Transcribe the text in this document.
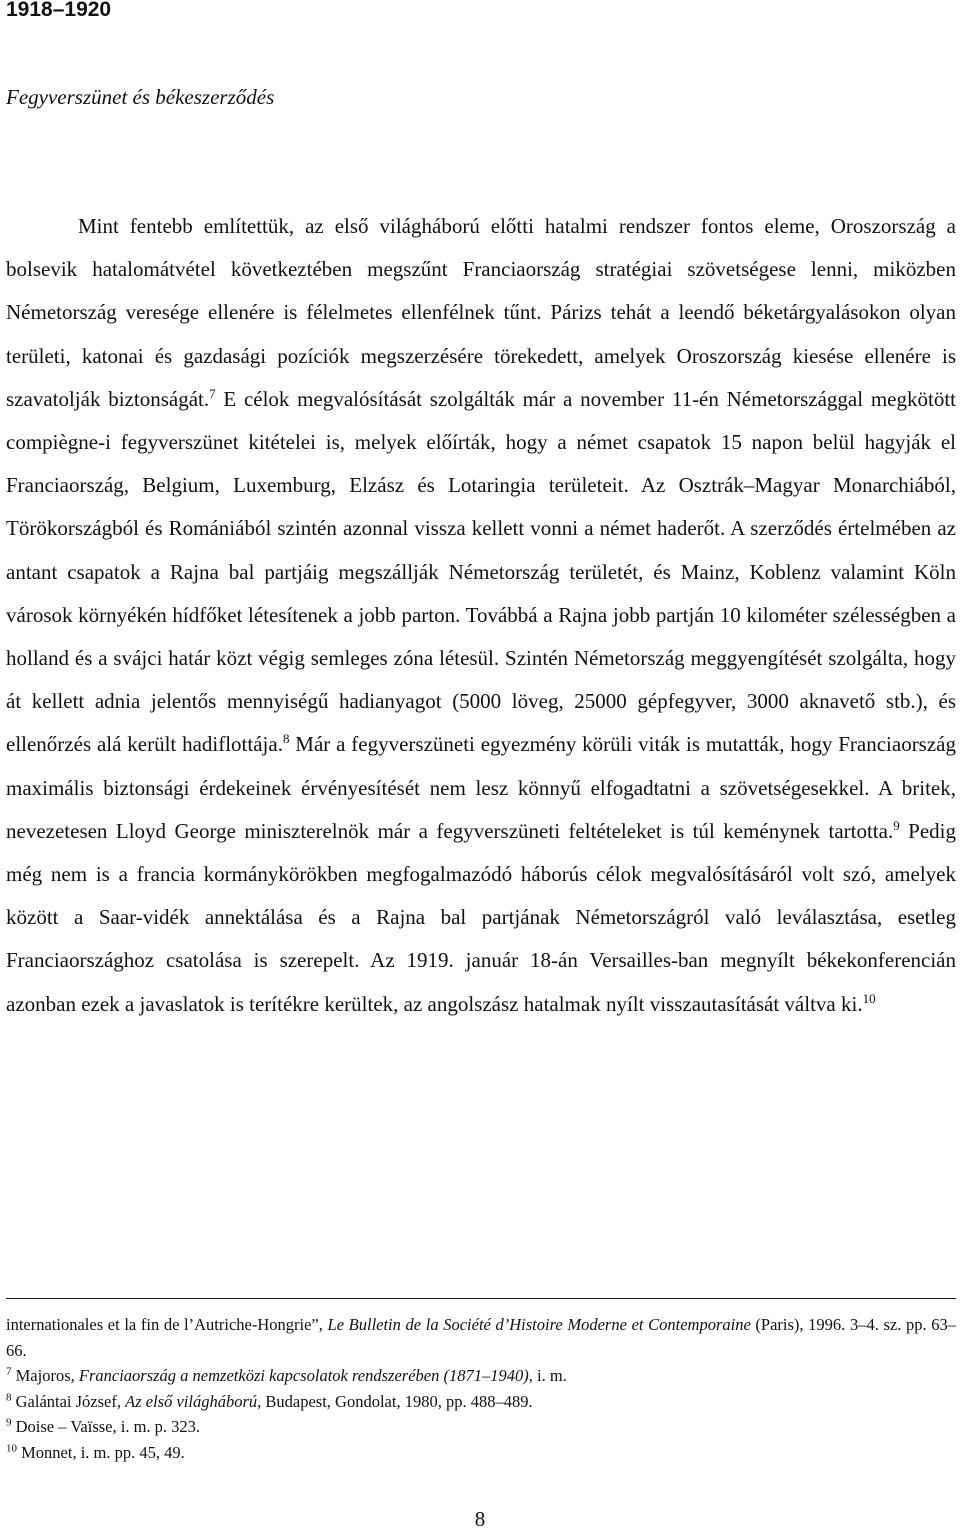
1918–1920
Fegyverszünet és békeszerződés

Mint fentebb említettük, az első világháború előtti hatalmi rendszer fontos eleme, Oroszország a bolsevik hatalomátvétel következtében megszűnt Franciaország stratégiai szövetségese lenni, miközben Németország veresége ellenére is félelmetes ellenfélnek tűnt. Párizs tehát a leendő béketárgyalásokon olyan területi, katonai és gazdasági pozíciók megszerzésére törekedett, amelyek Oroszország kiesése ellenére is szavatolják biztonságát.$^7$ E célok megvalósítását szolgálták már a november 11-én Németországgal megkötött compiègne-i fegyverszünet kitételei is, melyek előírták, hogy a német csapatok 15 napon belül hagyják el Franciaország, Belgium, Luxemburg, Elzász és Lotaringia területeit. Az Osztrák–Magyar Monarchiából, Törökországból és Romániából szintén azonnal vissza kellett vonni a német haderőt. A szerződés értelmében az antant csapatok a Rajna bal partjáig megszállják Németország területét, és Mainz, Koblenz valamint Köln városok környékén hídfőket létesítenek a jobb parton. Továbbá a Rajna jobb partján 10 kilométer szélességben a holland és a svájci határ közt végig semleges zóna létesül. Szintén Németország meggyengítését szolgálta, hogy át kellett adnia jelentős mennyiségű hadianyagot (5000 löveg, 25000 gépfegyver, 3000 aknavető stb.), és ellenőrzés alá került hadiflottája.$^8$ Már a fegyverszüneti egyezmény körüli viták is mutatták, hogy Franciaország maximális biztonsági érdekeinek érvényesítését nem lesz könnyű elfogadtatni a szövetségesekkel. A britek, nevezetesen Lloyd George miniszterelnök már a fegyverszüneti feltételeket is túl keménynek tartotta.$^9$ Pedig még nem is a francia kormánykörökben megfogalmazódó háborús célok megvalósításáról volt szó, amelyek között a Saar-vidék annektálása és a Rajna bal partjának Németországról való leválasztása, esetleg Franciaországhoz csatolása is szerepelt. Az 1919. január 18-án Versailles-ban megnyílt békekonferencián azonban ezek a javaslatok is terítékre kerültek, az angolszász hatalmak nyílt visszautasítását váltva ki.$^{10}$

internationales et la fin de l’Autriche-Hongrie”, Le Bulletin de la Société d’Histoire Moderne et Contemporaine (Paris), 1996. 3–4. sz. pp. 63–66.

$^7$ Majoros, Franciaország a nemzetközi kapcsolatok rendszerében (1871–1940), i. m.

$^8$ Galántai József, Az első világháború, Budapest, Gondolat, 1980, pp. 488–489.

$^9$ Doise – Vaïsse, i. m. p. 323.

$^{10}$ Monnet, i. m. pp. 45, 49.

8
